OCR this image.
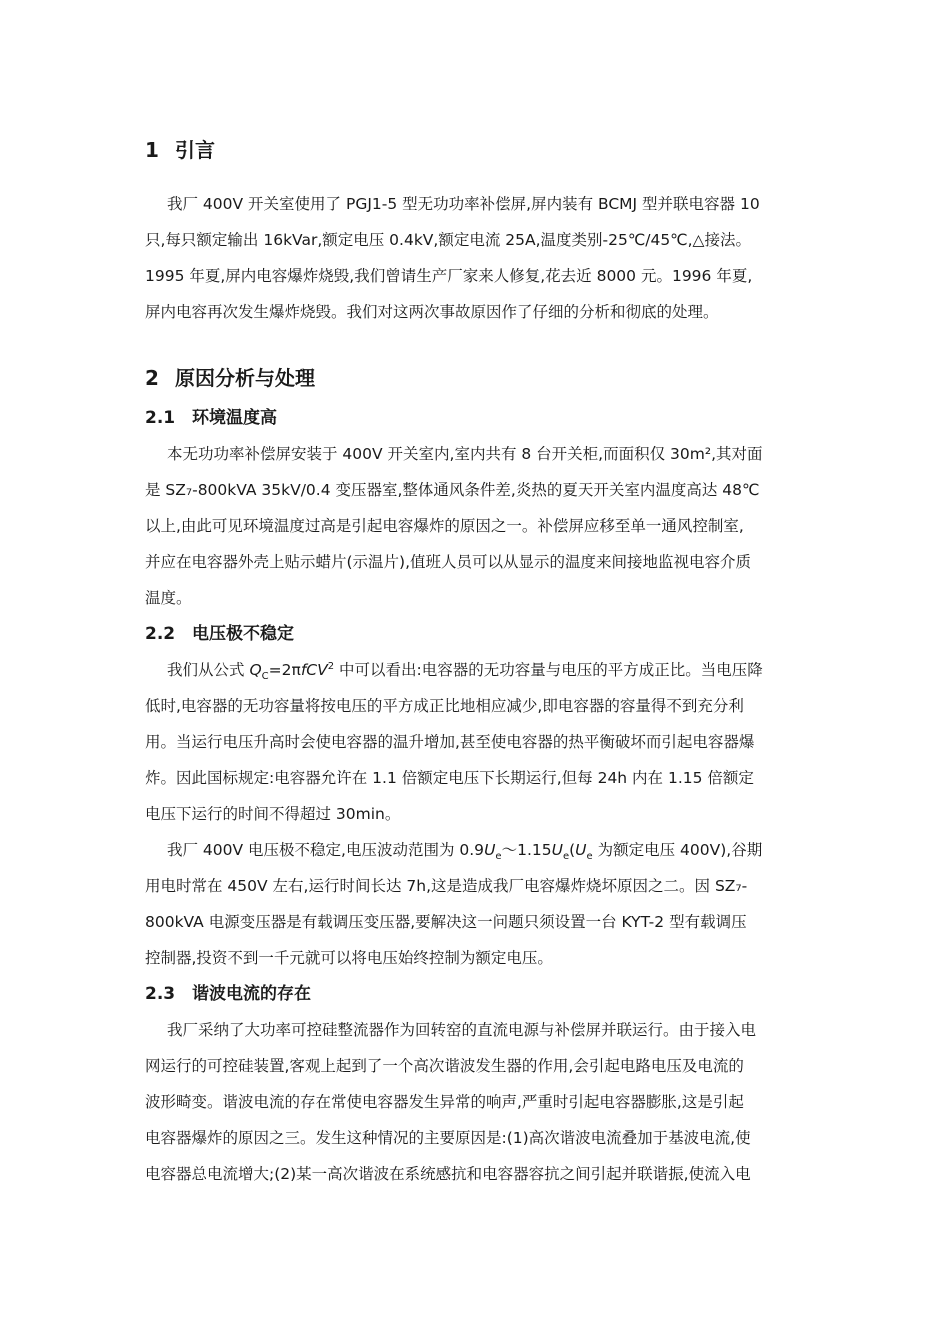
1 引言
我厂 400V 开关室使用了 PGJ1-5 型无功功率补偿屏,屏内装有 BCMJ 型并联电容器 10
只,每只额定输出 16kVar,额定电压 0.4kV,额定电流 25A,温度类别-25℃/45℃,△接法。
1995 年夏,屏内电容爆炸烧毁,我们曾请生产厂家来人修复,花去近 8000 元。1996 年夏,
屏内电容再次发生爆炸烧毁。我们对这两次事故原因作了仔细的分析和彻底的处理。
2 原因分析与处理
2.1 环境温度高
本无功功率补偿屏安装于 400V 开关室内,室内共有 8 台开关柜,而面积仅 30m²,其对面
是 SZ₇-800kVA 35kV/0.4 变压器室,整体通风条件差,炎热的夏天开关室内温度高达 48℃
以上,由此可见环境温度过高是引起电容爆炸的原因之一。补偿屏应移至单一通风控制室,
并应在电容器外壳上贴示蜡片(示温片),值班人员可以从显示的温度来间接地监视电容介质
温度。
2.2 电压极不稳定
我们从公式 $Q_C=2\pi fCV^2$ 中可以看出:电容器的无功容量与电压的平方成正比。当电压降
低时,电容器的无功容量将按电压的平方成正比地相应减少,即电容器的容量得不到充分利
用。当运行电压升高时会使电容器的温升增加,甚至使电容器的热平衡破坏而引起电容器爆
炸。因此国标规定:电容器允许在 1.1 倍额定电压下长期运行,但每 24h 内在 1.15 倍额定
电压下运行的时间不得超过 30min。
我厂 400V 电压极不稳定,电压波动范围为 $0.9U_e\sim 1.15U_e(U_e$ 为额定电压 400V),谷期
用电时常在 450V 左右,运行时间长达 7h,这是造成我厂电容爆炸烧坏原因之二。因 SZ₇-
800kVA 电源变压器是有载调压变压器,要解决这一问题只须设置一台 KYT-2 型有载调压
控制器,投资不到一千元就可以将电压始终控制为额定电压。
2.3 谐波电流的存在
我厂采纳了大功率可控硅整流器作为回转窑的直流电源与补偿屏并联运行。由于接入电
网运行的可控硅装置,客观上起到了一个高次谐波发生器的作用,会引起电路电压及电流的
波形畸变。谐波电流的存在常使电容器发生异常的响声,严重时引起电容器膨胀,这是引起
电容器爆炸的原因之三。发生这种情况的主要原因是:(1)高次谐波电流叠加于基波电流,使
电容器总电流增大;(2)某一高次谐波在系统感抗和电容器容抗之间引起并联谐振,使流入电
